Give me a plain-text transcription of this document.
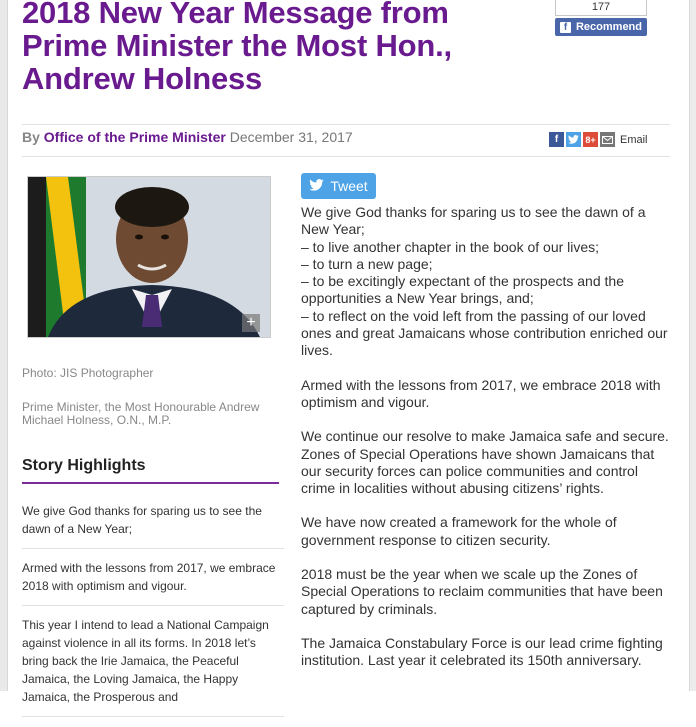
2018 New Year Message from Prime Minister the Most Hon., Andrew Holness
177
f Recommend
By Office of the Prime Minister December 31, 2017	f	8+ Email
+
Photo: JIS Photographer
Prime Minister, the Most Honourable Andrew Michael Holness, O.N., M.P.
Story Highlights
We give God thanks for sparing us to see the dawn of a New Year;
Armed with the lessons from 2017, we embrace 2018 with optimism and vigour.
This year I intend to lead a National Campaign against violence in all its forms. In 2018 let’s bring back the Irie Jamaica, the Peaceful Jamaica, the Loving Jamaica, the Happy Jamaica, the Prosperous and
Tweet

We give God thanks for sparing us to see the dawn of a New Year;
– to live another chapter in the book of our lives;
– to turn a new page;
– to be excitingly expectant of the prospects and the opportunities a New Year brings, and;
– to reflect on the void left from the passing of our loved ones and great Jamaicans whose contribution enriched our lives.

Armed with the lessons from 2017, we embrace 2018 with optimism and vigour.

We continue our resolve to make Jamaica safe and secure. Zones of Special Operations have shown Jamaicans that our security forces can police communities and control crime in localities without abusing citizens’ rights.

We have now created a framework for the whole of government response to citizen security.

2018 must be the year when we scale up the Zones of Special Operations to reclaim communities that have been captured by criminals.

The Jamaica Constabulary Force is our lead crime fighting institution. Last year it celebrated its 150th anniversary.
